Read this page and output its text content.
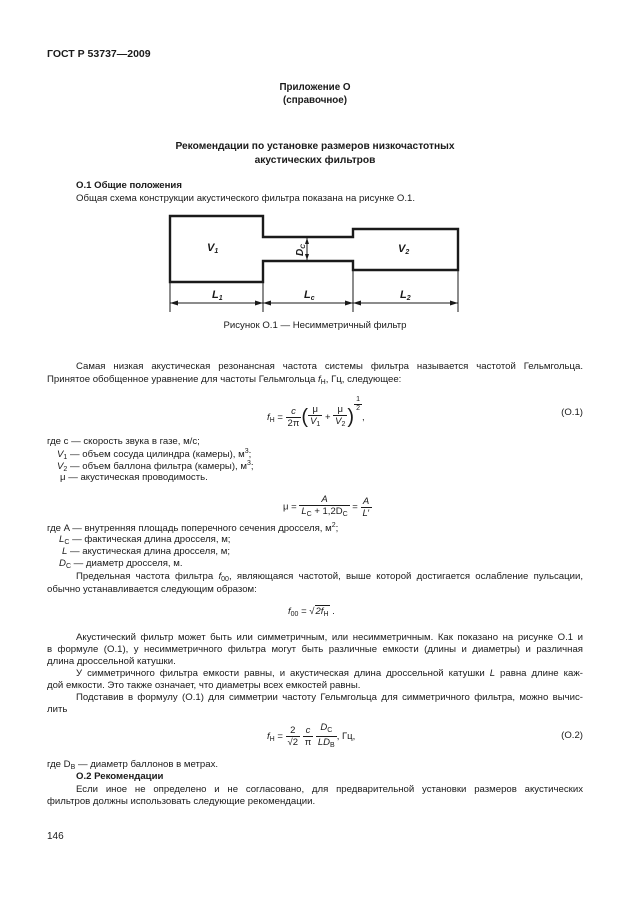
ГОСТ Р 53737—2009
Приложение О
(справочное)
Рекомендации по установке размеров низкочастотных
акустических фильтров
О.1 Общие положения
Общая схема конструкции акустического фильтра показана на рисунке О.1.
V1	V2
L1	Lc	L2
$D_C$
Рисунок О.1 — Несимметричный фильтр
Самая низкая акустическая резонансная частота системы фильтра называется частотой Гельмгольца.
Принятое обобщенное уравнение для частоты Гельмгольца $f_H$, Гц, следующее:
$f_H = \frac{c}{2\pi}$ ( $\frac{\mu}{V_1} + \frac{\mu}{V_2}$ )
$\frac{1}{2}$
,	(О.1)
где c — скорость звука в газе, м/с;
$V_1$ — объем сосуда цилиндра (камеры), $м^3$;
$V_2$ — объем баллона фильтра (камеры), $м^3$;
μ — акустическая проводимость.
$\mu = \frac{A}{L_C + 1,2D_C} = \frac{A}{L'}$
где A — внутренняя площадь поперечного сечения дросселя, $м^2$;
$L_C$ — фактическая длина дросселя, м;
L — акустическая длина дросселя, м;
$D_C$ — диаметр дросселя, м.
Предельная частота фильтра $f_{00}$, являющаяся частотой, выше которой достигается ослабление пульсации,
обычно устанавливается следующим образом:
$f_{00} = √2f_H$ .
Акустический фильтр может быть или симметричным, или несимметричным. Как показано на рисунке О.1 и
в формуле (О.1), у несимметричного фильтра могут быть различные емкости (длины и диаметры) и различная
длина дроссельной катушки.
У симметричного фильтра емкости равны, и акустическая длина дроссельной катушки L равна длине каж-
дой емкости. Это также означает, что диаметры всех емкостей равны.
Подставив в формулу (О.1) для симметрии частоту Гельмгольца для симметричного фильтра, можно вычис-
лить
$f_H = \frac{2}{√2}$
$\frac{c}{\pi}$
$\frac{D_C}{LD_B}$ , Гц,	(О.2)
где $D_B$ — диаметр баллонов в метрах.
О.2 Рекомендации
Если иное не определено и не согласовано, для предварительной установки размеров акустических
фильтров должны использовать следующие рекомендации.
146
